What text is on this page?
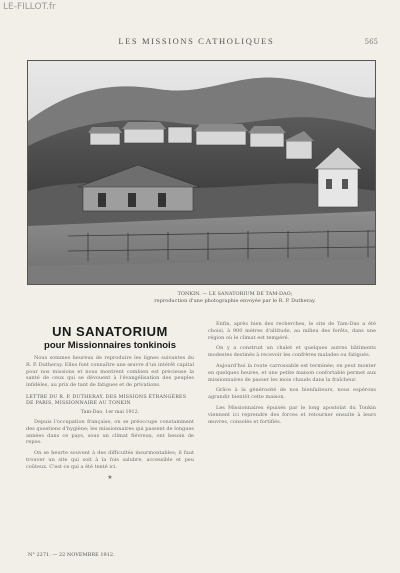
LE-FILLOT.fr
LES MISSIONS CATHOLIQUES	565
TONKIN. — LE SANATORIUM DE TAM-DAO;
reproduction d'une photographie envoyée par le R. P. Dutheray.
UN SANATORIUM
pour Missionnaires tonkinois

Nous sommes heureux de reproduire les lignes suivantes du R. P. Dutheray. Elles font connaître une œuvre d'un intérêt capital pour nos missions et nous montrent combien est précieuse la santé de ceux qui se dévouent à l'évangélisation des peuples infidèles, au prix de tant de fatigues et de privations.

LETTRE DU R. P. DUTHERAY, DES MISSIONS ÉTRANGÈRES DE PARIS, MISSIONNAIRE AU TONKIN
Tam-Dao, 1er mai 1912.

Depuis l'occupation française, on se préoccupe constamment des questions d'hygiène; les missionnaires qui passent de longues années dans ce pays, sous un climat fiévreux, ont besoin de repos.

On se heurte souvent à des difficultés insurmontables; il faut trouver un site qui soit à la fois salubre, accessible et peu coûteux. C'est ce qui a été tenté ici.

★

Enfin, après bien des recherches, le site de Tam-Dao a été choisi, à 900 mètres d'altitude, au milieu des forêts, dans une région où le climat est tempéré.

On y a construit un chalet et quelques autres bâtiments modestes destinés à recevoir les confrères malades ou fatigués.

Aujourd'hui la route carrossable est terminée; on peut monter en quelques heures, et une petite maison confortable permet aux missionnaires de passer les mois chauds dans la fraîcheur.

Grâce à la générosité de nos bienfaiteurs, nous espérons agrandir bientôt cette maison.

Les Missionnaires épuisés par le long apostolat du Tonkin viennent ici reprendre des forces et retourner ensuite à leurs œuvres, consolés et fortifiés.

N° 2271. — 22 NOVEMBRE 1912.
